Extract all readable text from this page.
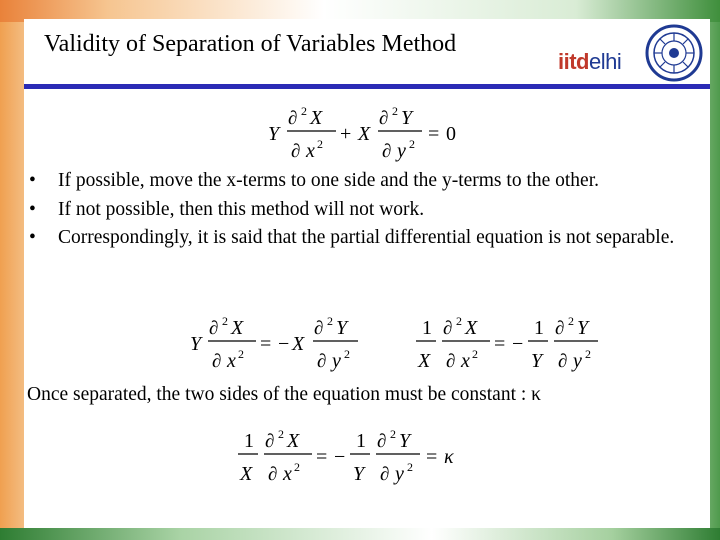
Validity of Separation of Variables Method
iitdelhi
Y
∂ 2 X
∂ x 2 + X
∂ 2 Y
∂ y 2 = 0
•	If possible, move the x-terms to one side and the y-terms to the other.
•	If not possible, then this method will not work.
•	Correspondingly, it is said that the partial differential equation is not separable.
Y
∂ 2 X
∂ x 2 = − X
∂ 2 Y
∂ y 2
1
X
∂ 2 X
∂ x 2 = −
1
Y
∂ 2 Y
∂ y 2
Once separated, the two sides of the equation must be constant : κ
1
X
∂ 2 X
∂ x 2 = −
1
Y
∂ 2 Y
∂ y 2 = κ
